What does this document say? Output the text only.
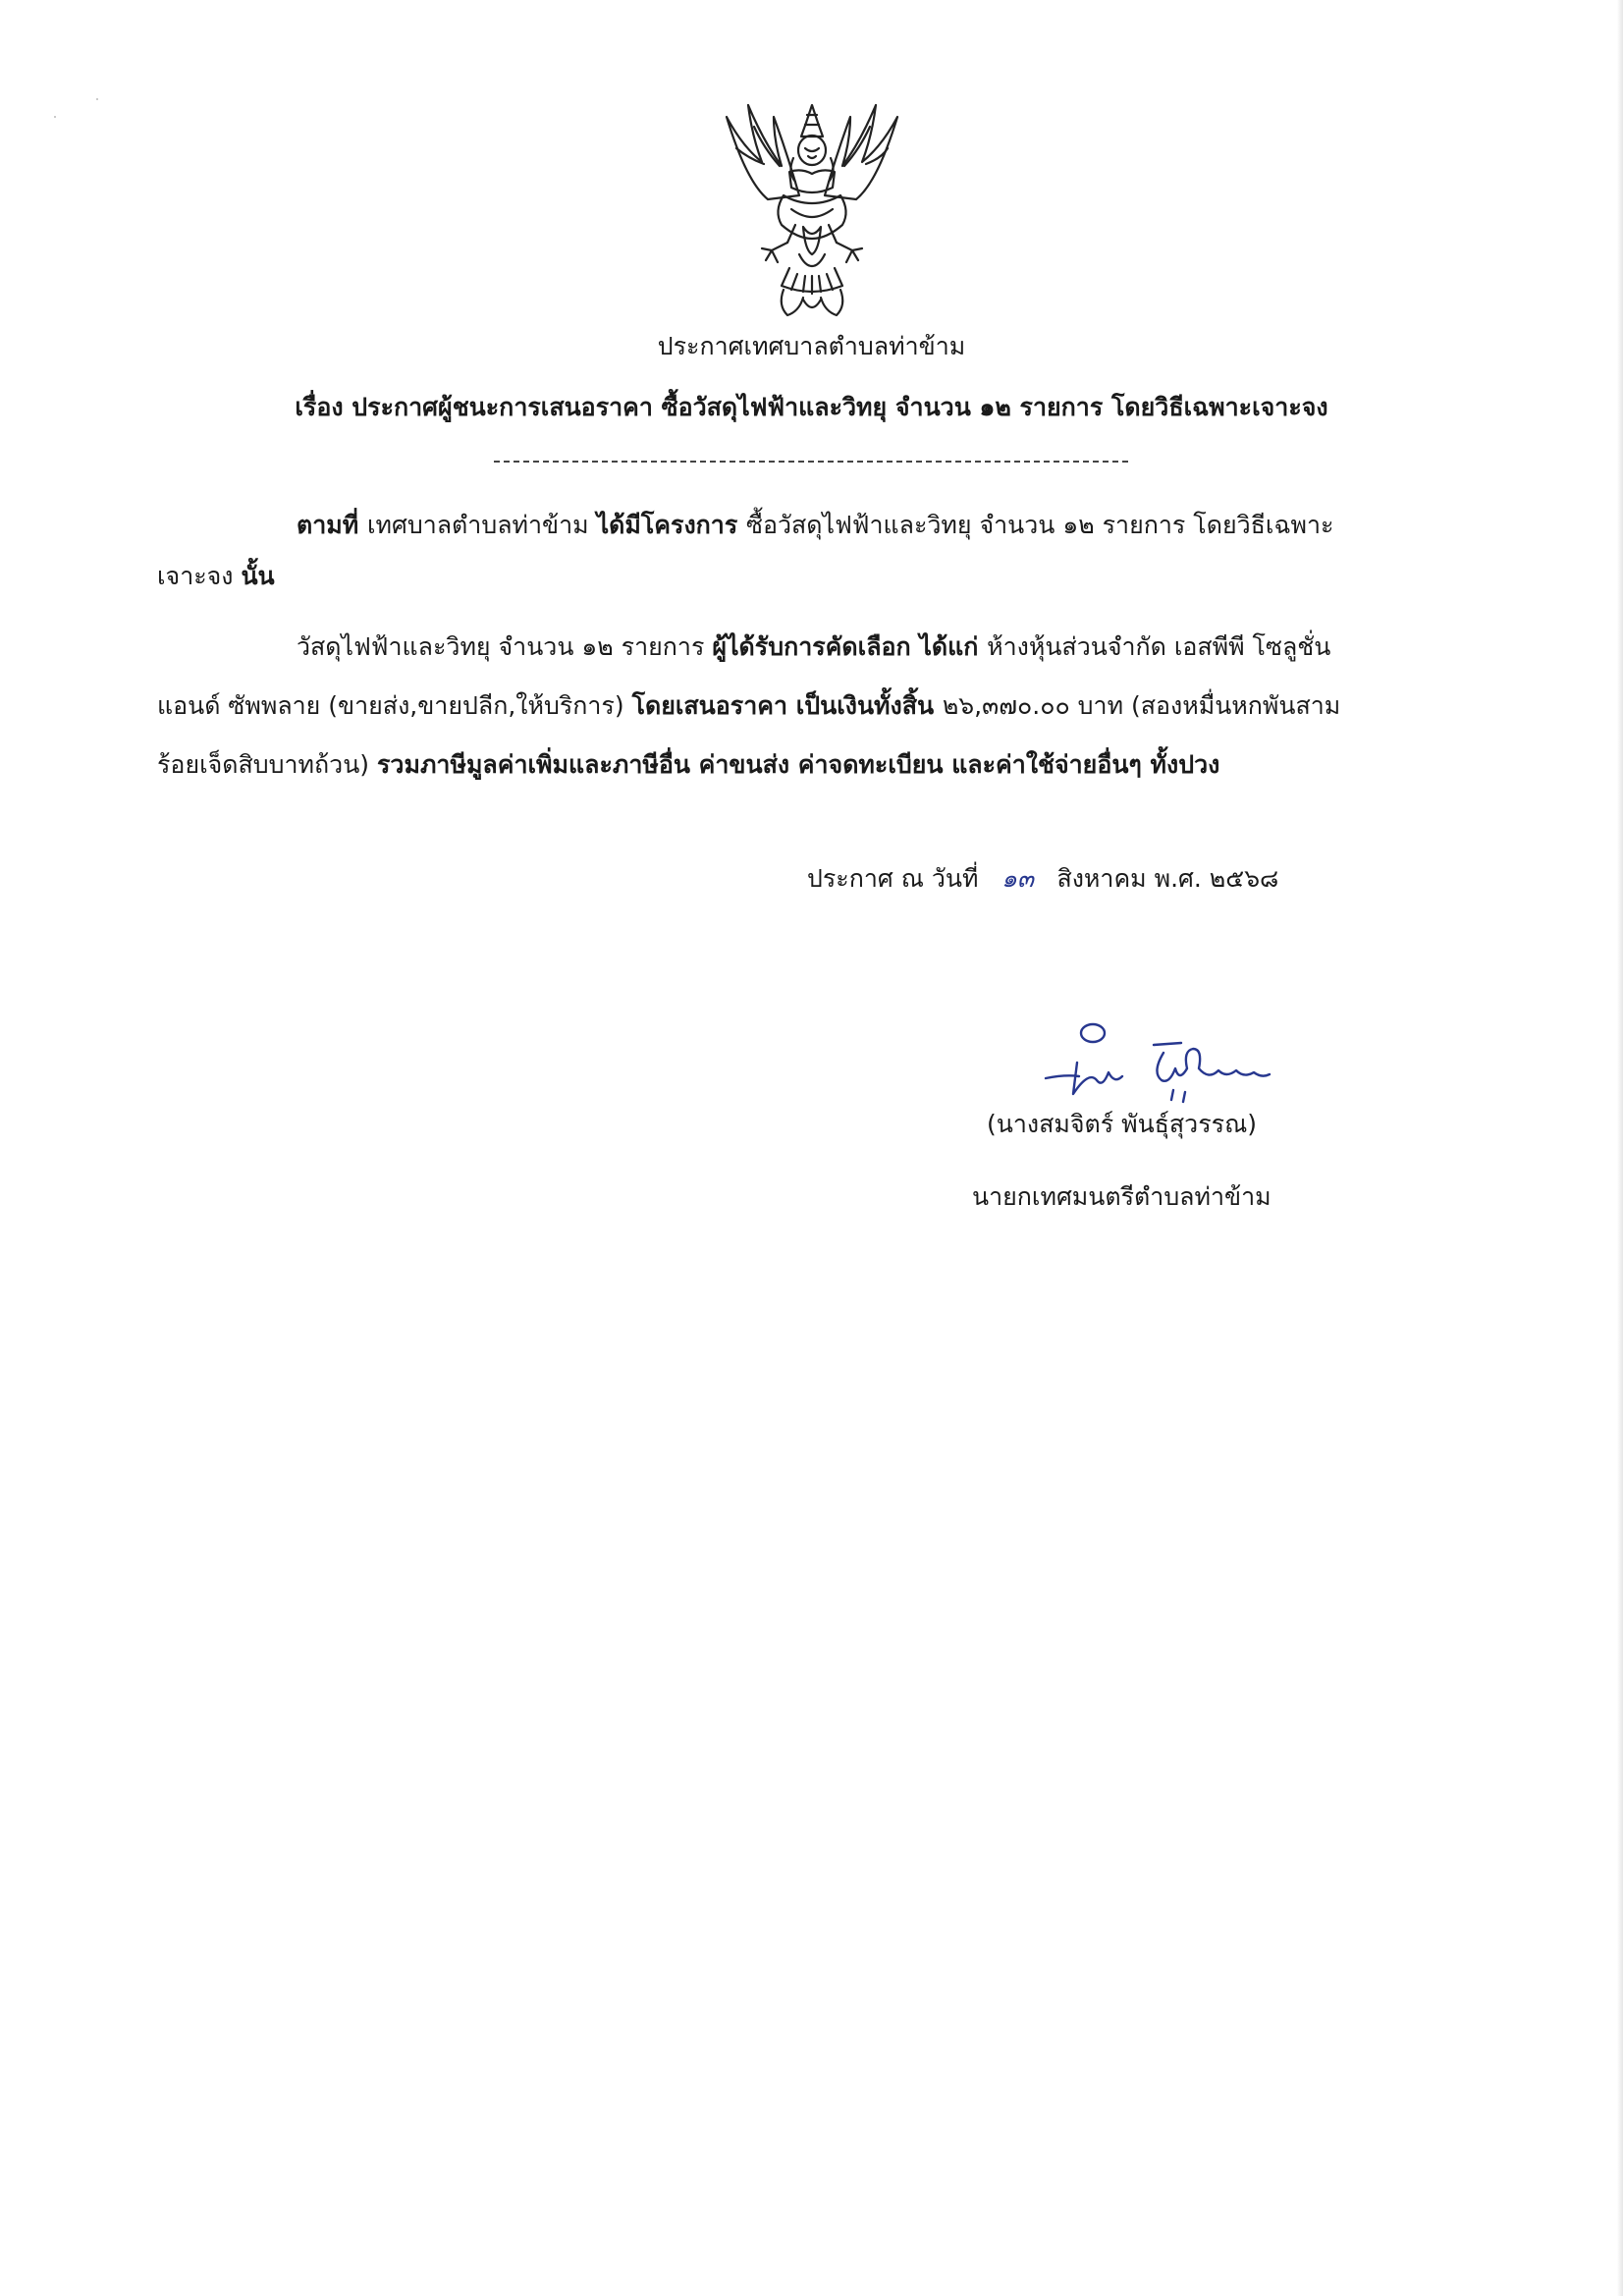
ประกาศเทศบาลตำบลท่าข้าม
เรื่อง ประกาศผู้ชนะการเสนอราคา ซื้อวัสดุไฟฟ้าและวิทยุ จำนวน ๑๒ รายการ โดยวิธีเฉพาะเจาะจง
ตามที่ เทศบาลตำบลท่าข้าม ได้มีโครงการ ซื้อวัสดุไฟฟ้าและวิทยุ จำนวน ๑๒ รายการ โดยวิธีเฉพาะ
เจาะจง นั้น
วัสดุไฟฟ้าและวิทยุ จำนวน ๑๒ รายการ ผู้ได้รับการคัดเลือก ได้แก่ ห้างหุ้นส่วนจำกัด เอสพีพี โซลูชั่น
แอนด์ ซัพพลาย (ขายส่ง,ขายปลีก,ให้บริการ) โดยเสนอราคา เป็นเงินทั้งสิ้น ๒๖,๓๗๐.๐๐ บาท (สองหมื่นหกพันสาม
ร้อยเจ็ดสิบบาทถ้วน) รวมภาษีมูลค่าเพิ่มและภาษีอื่น ค่าขนส่ง ค่าจดทะเบียน และค่าใช้จ่ายอื่นๆ ทั้งปวง
ประกาศ ณ วันที่ ๑๓ สิงหาคม พ.ศ. ๒๕๖๘
(นางสมจิตร์ พันธุ์สุวรรณ)
นายกเทศมนตรีตำบลท่าข้าม
